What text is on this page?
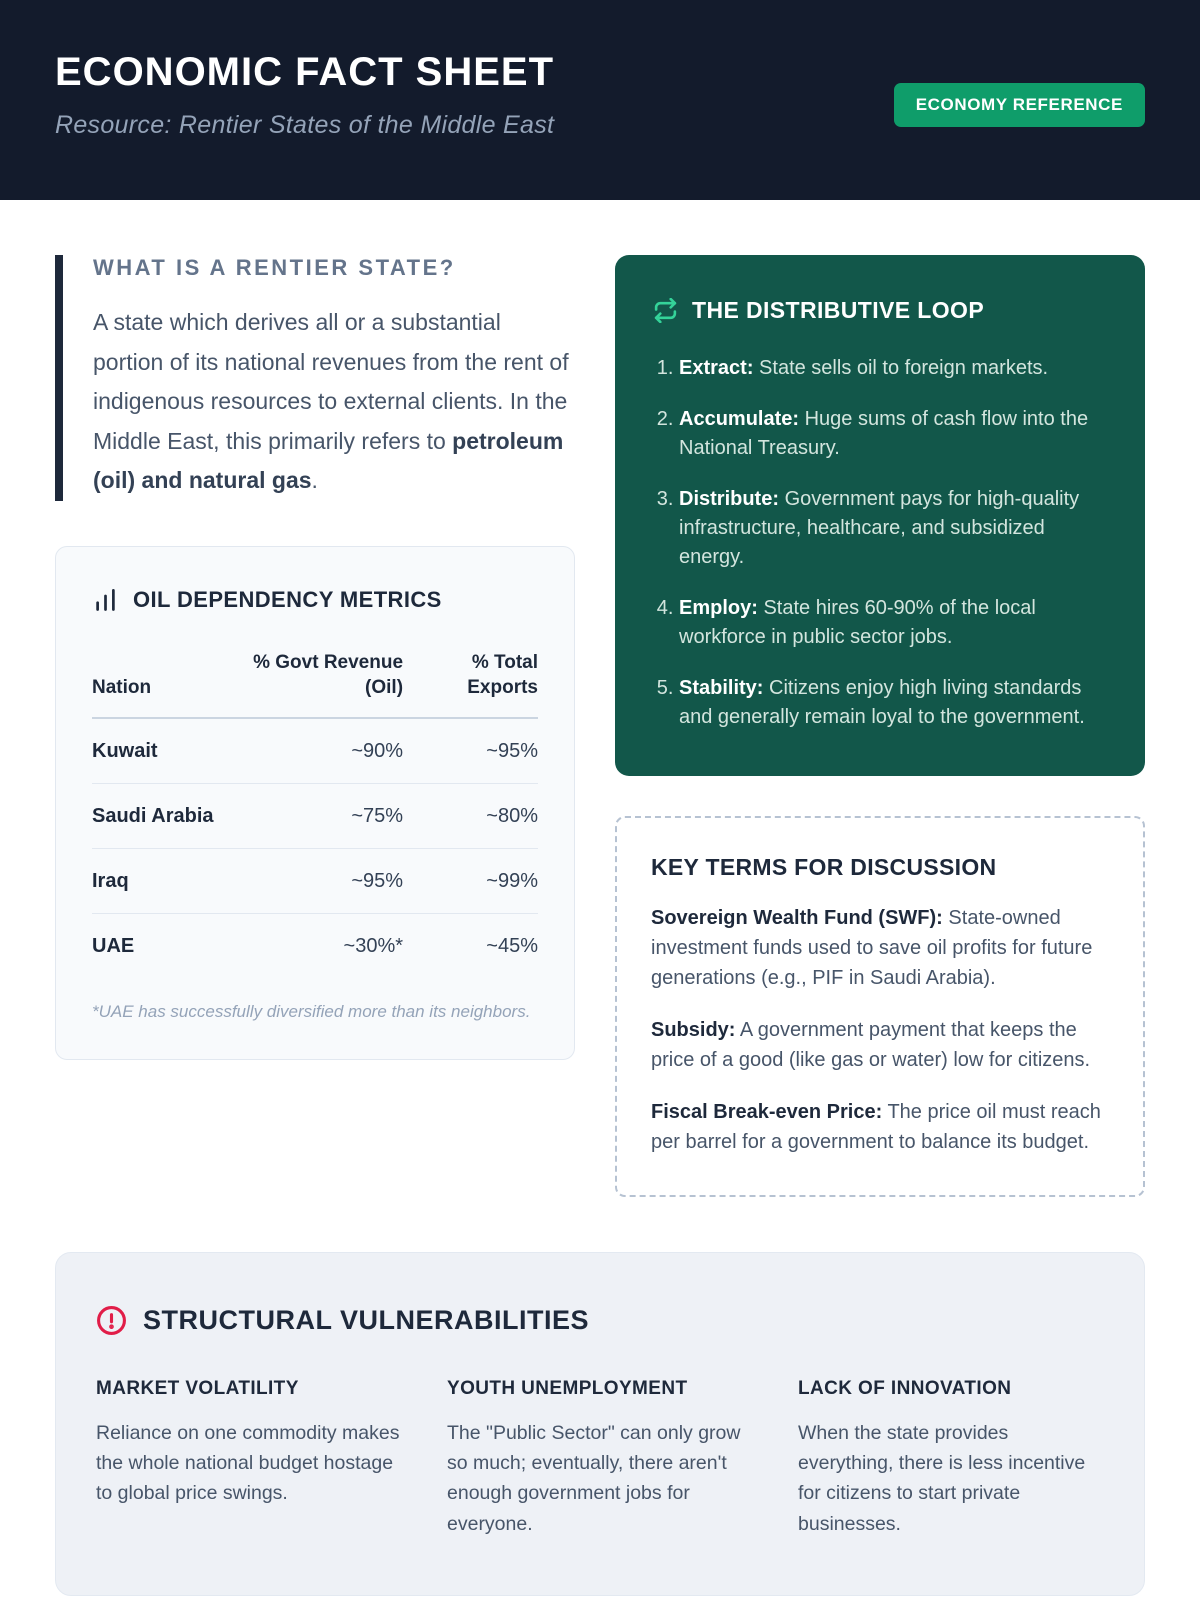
ECONOMIC FACT SHEET
Resource: Rentier States of the Middle East
ECONOMY REFERENCE
WHAT IS A RENTIER STATE?

A state which derives all or a substantial portion of its national revenues from the rent of indigenous resources to external clients. In the Middle East, this primarily refers to petroleum (oil) and natural gas.

OIL DEPENDENCY METRICS
Nation	% Govt Revenue (Oil)	% Total Exports
Kuwait	~90%	~95%
Saudi Arabia	~75%	~80%
Iraq	~95%	~99%
UAE	~30%*	~45%
*UAE has successfully diversified more than its neighbors.
THE DISTRIBUTIVE LOOP
1. Extract: State sells oil to foreign markets.
2. Accumulate: Huge sums of cash flow into the National Treasury.
3. Distribute: Government pays for high-quality infrastructure, healthcare, and subsidized energy.
4. Employ: State hires 60-90% of the local workforce in public sector jobs.
5. Stability: Citizens enjoy high living standards and generally remain loyal to the government.
KEY TERMS FOR DISCUSSION

Sovereign Wealth Fund (SWF): State-owned investment funds used to save oil profits for future generations (e.g., PIF in Saudi Arabia).

Subsidy: A government payment that keeps the price of a good (like gas or water) low for citizens.

Fiscal Break-even Price: The price oil must reach per barrel for a government to balance its budget.

STRUCTURAL VULNERABILITIES
MARKET VOLATILITY
Reliance on one commodity makes the whole national budget hostage to global price swings.
YOUTH UNEMPLOYMENT
The "Public Sector" can only grow so much; eventually, there aren't enough government jobs for everyone.
LACK OF INNOVATION
When the state provides everything, there is less incentive for citizens to start private businesses.
